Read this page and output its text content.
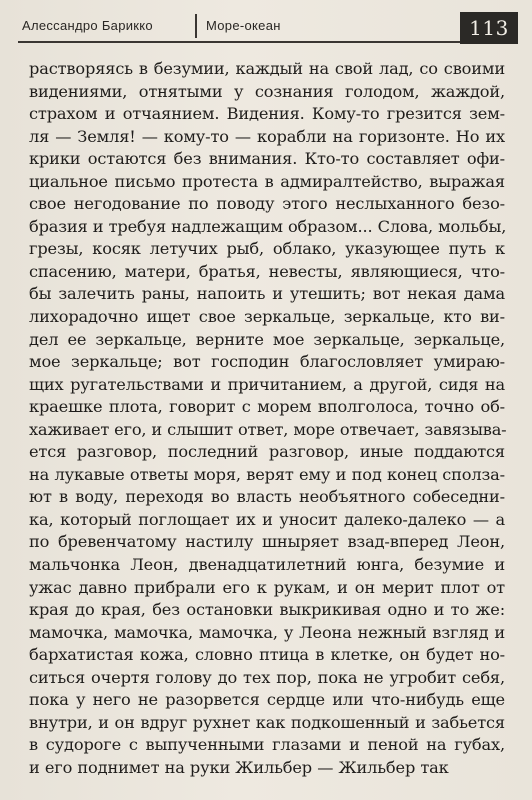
Алессандро Барикко	Море-океан	113
растворяясь в безумии, каждый на свой лад, со своими
видениями, отнятыми у сознания голодом, жаждой,
страхом и отчаянием. Видения. Кому-то грезится зем-
ля — Земля! — кому-то — корабли на горизонте. Но их
крики остаются без внимания. Кто-то составляет офи-
циальное письмо протеста в адмиралтейство, выражая
свое негодование по поводу этого неслыханного безо-
бразия и требуя надлежащим образом... Слова, мольбы,
грезы, косяк летучих рыб, облако, указующее путь к
спасению, матери, братья, невесты, являющиеся, что-
бы залечить раны, напоить и утешить; вот некая дама
лихорадочно ищет свое зеркальце, зеркальце, кто ви-
дел ее зеркальце, верните мое зеркальце, зеркальце,
мое зеркальце; вот господин благословляет умираю-
щих ругательствами и причитанием, а другой, сидя на
краешке плота, говорит с морем вполголоса, точно об-
хаживает его, и слышит ответ, море отвечает, завязыва-
ется разговор, последний разговор, иные поддаются
на лукавые ответы моря, верят ему и под конец сполза-
ют в воду, переходя во власть необъятного собеседни-
ка, который поглощает их и уносит далеко-далеко — а
по бревенчатому настилу шныряет взад-вперед Леон,
мальчонка Леон, двенадцатилетний юнга, безумие и
ужас давно прибрали его к рукам, и он мерит плот от
края до края, без остановки выкрикивая одно и то же:
мамочка, мамочка, мамочка, у Леона нежный взгляд и
бархатистая кожа, словно птица в клетке, он будет но-
ситься очертя голову до тех пор, пока не угробит себя,
пока у него не разорвется сердце или что-нибудь еще
внутри, и он вдруг рухнет как подкошенный и забьется
в судороге с выпученными глазами и пеной на губах,
и его поднимет на руки Жильбер — Жильбер так
